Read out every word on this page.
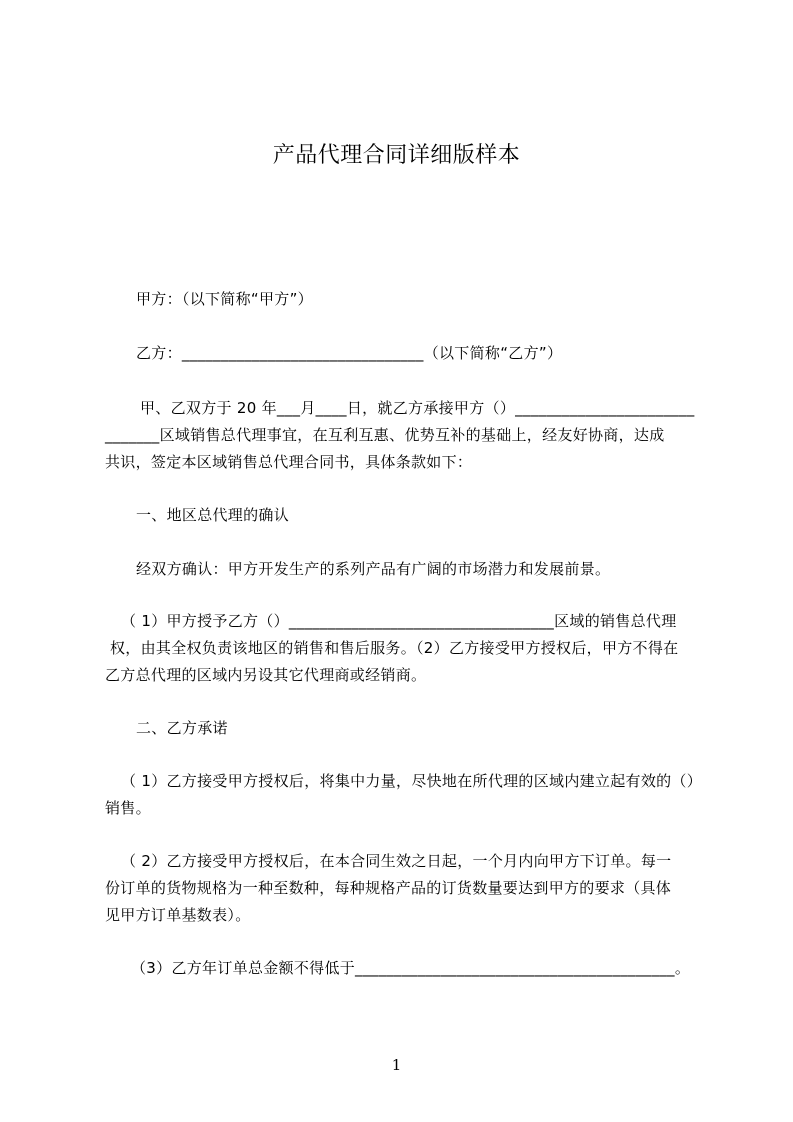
产品代理合同详细版样本
甲方：（以下简称“甲方”）
乙方：_______________________________（以下简称“乙方”）
甲、乙双方于 20 年___月____日，就乙方承接甲方（）_______________________
_______区域销售总代理事宜，在互利互惠、优势互补的基础上，经友好协商，达成
共识，签定本区域销售总代理合同书，具体条款如下：
一、地区总代理的确认
经双方确认：甲方开发生产的系列产品有广阔的市场潜力和发展前景。
（ 1）甲方授予乙方（）__________________________________区域的销售总代理
权，由其全权负责该地区的销售和售后服务。（2）乙方接受甲方授权后，甲方不得在
乙方总代理的区域内另设其它代理商或经销商。
二、乙方承诺
（ 1）乙方接受甲方授权后，将集中力量，尽快地在所代理的区域内建立起有效的（）
销售。
（ 2）乙方接受甲方授权后，在本合同生效之日起，一个月内向甲方下订单。每一
份订单的货物规格为一种至数种，每种规格产品的订货数量要达到甲方的要求（具体
见甲方订单基数表）。
（3）乙方年订单总金额不得低于_________________________________________。
1
